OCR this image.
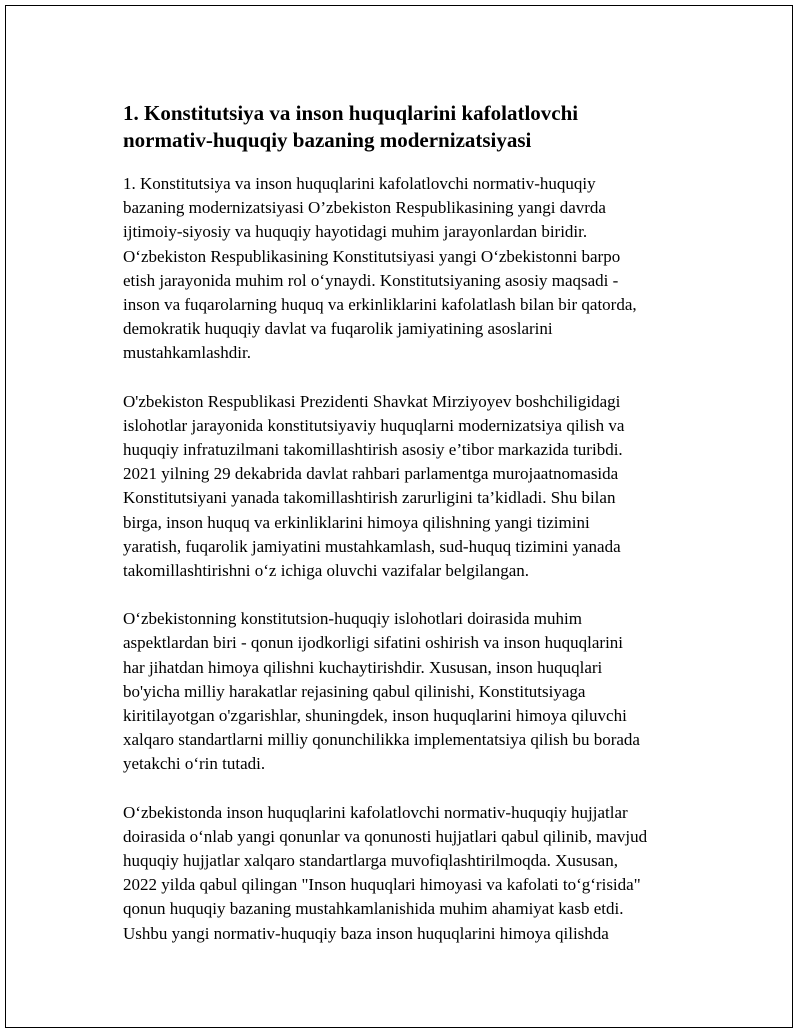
1. Konstitutsiya va inson huquqlarini kafolatlovchi
normativ-huquqiy bazaning modernizatsiyasi

1. Konstitutsiya va inson huquqlarini kafolatlovchi normativ-huquqiy
bazaning modernizatsiyasi O’zbekiston Respublikasining yangi davrda
ijtimoiy-siyosiy va huquqiy hayotidagi muhim jarayonlardan biridir.
O‘zbekiston Respublikasining Konstitutsiyasi yangi O‘zbekistonni barpo
etish jarayonida muhim rol o‘ynaydi. Konstitutsiyaning asosiy maqsadi -
inson va fuqarolarning huquq va erkinliklarini kafolatlash bilan bir qatorda,
demokratik huquqiy davlat va fuqarolik jamiyatining asoslarini
mustahkamlashdir.

O'zbekiston Respublikasi Prezidenti Shavkat Mirziyoyev boshchiligidagi
islohotlar jarayonida konstitutsiyaviy huquqlarni modernizatsiya qilish va
huquqiy infratuzilmani takomillashtirish asosiy e’tibor markazida turibdi.
2021 yilning 29 dekabrida davlat rahbari parlamentga murojaatnomasida
Konstitutsiyani yanada takomillashtirish zarurligini ta’kidladi. Shu bilan
birga, inson huquq va erkinliklarini himoya qilishning yangi tizimini
yaratish, fuqarolik jamiyatini mustahkamlash, sud-huquq tizimini yanada
takomillashtirishni o‘z ichiga oluvchi vazifalar belgilangan.

O‘zbekistonning konstitutsion-huquqiy islohotlari doirasida muhim
aspektlardan biri - qonun ijodkorligi sifatini oshirish va inson huquqlarini
har jihatdan himoya qilishni kuchaytirishdir. Xususan, inson huquqlari
bo'yicha milliy harakatlar rejasining qabul qilinishi, Konstitutsiyaga
kiritilayotgan o'zgarishlar, shuningdek, inson huquqlarini himoya qiluvchi
xalqaro standartlarni milliy qonunchilikka implementatsiya qilish bu borada
yetakchi o‘rin tutadi.

O‘zbekistonda inson huquqlarini kafolatlovchi normativ-huquqiy hujjatlar
doirasida o‘nlab yangi qonunlar va qonunosti hujjatlari qabul qilinib, mavjud
huquqiy hujjatlar xalqaro standartlarga muvofiqlashtirilmoqda. Xususan,
2022 yilda qabul qilingan "Inson huquqlari himoyasi va kafolati to‘g‘risida"
qonun huquqiy bazaning mustahkamlanishida muhim ahamiyat kasb etdi.
Ushbu yangi normativ-huquqiy baza inson huquqlarini himoya qilishda
